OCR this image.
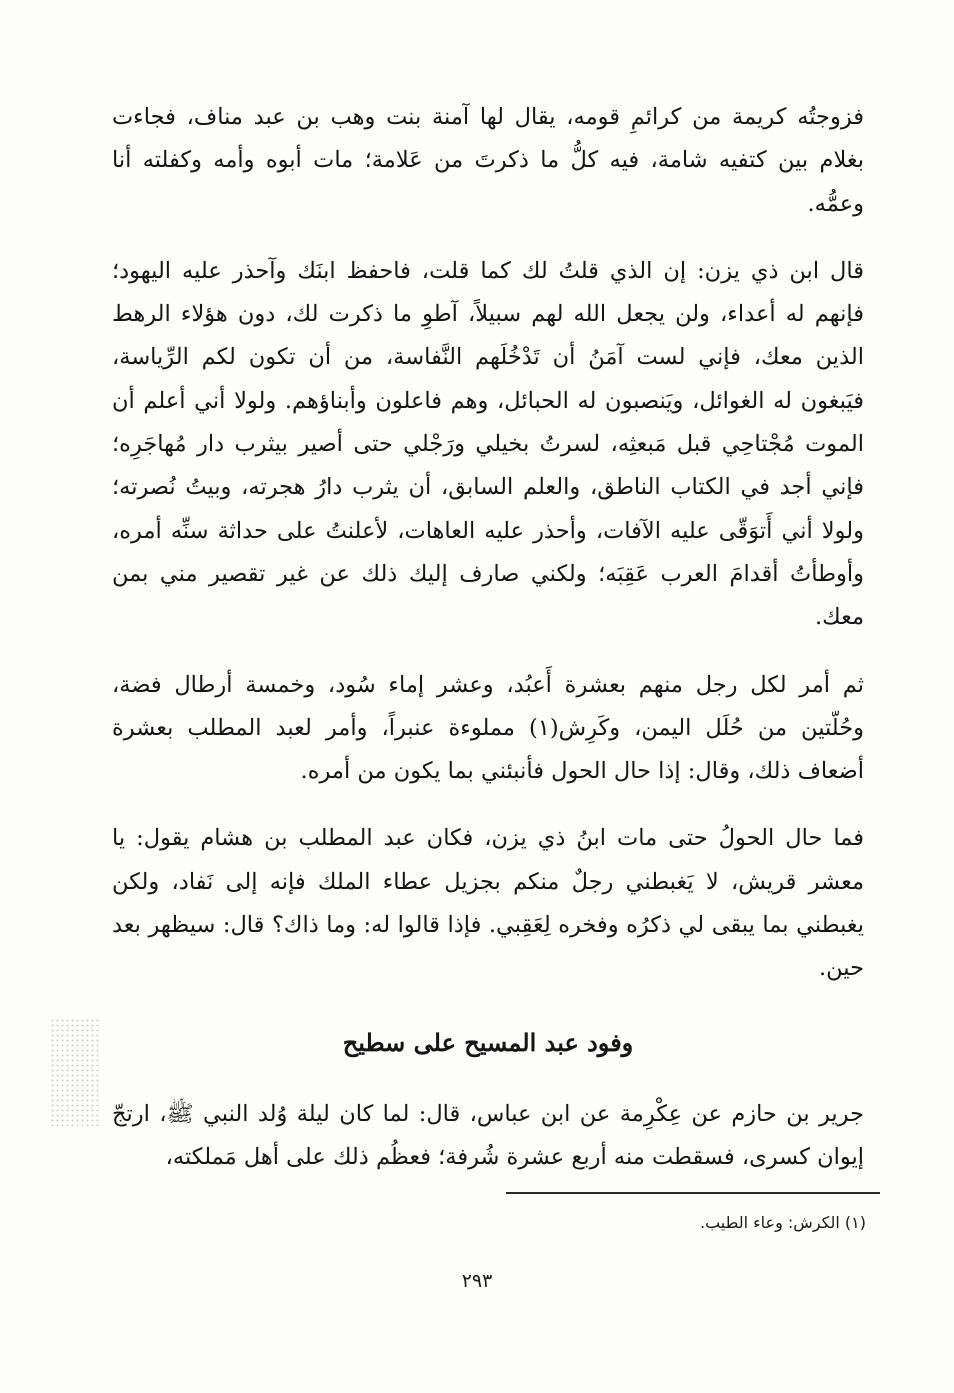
فزوجتُه كريمة من كرائمِ قومه، يقال لها آمنة بنت وهب بن عبد مناف، فجاءت بغلام بين كتفيه شامة، فيه كلُّ ما ذكرتَ من عَلامة؛ مات أبوه وأمه وكفلته أنا وعمُّه.

قال ابن ذي يزن: إن الذي قلتُ لك كما قلت، فاحفظ ابنَك وآحذر عليه اليهود؛ فإنهم له أعداء، ولن يجعل الله لهم سبيلاً، آطوِ ما ذكرت لك، دون هؤلاء الرهط الذين معك، فإني لست آمَنُ أن تَدْخُلَهم النَّفاسة، من أن تكون لكم الرِّياسة، فيَبغون له الغوائل، ويَنصبون له الحبائل، وهم فاعلون وأبناؤهم. ولولا أني أعلم أن الموت مُجْتاحِي قبل مَبعثِه، لسرتُ بخيلي ورَجْلي حتى أصير بيثرب دار مُهاجَرِه؛ فإني أجد في الكتاب الناطق، والعلم السابق، أن يثرب دارُ هجرته، وبيتُ نُصرته؛ ولولا أني أَتوَقّى عليه الآفات، وأحذر عليه العاهات، لأعلنتُ على حداثة سنِّه أمره، وأوطأتُ أقدامَ العرب عَقِبَه؛ ولكني صارف إليك ذلك عن غير تقصير مني بمن معك.

ثم أمر لكل رجل منهم بعشرة أَعبُد، وعشر إماء سُود، وخمسة أرطال فضة، وحُلّتين من حُلَل اليمن، وكَرِش(١) مملوءة عنبراً، وأمر لعبد المطلب بعشرة أضعاف ذلك، وقال: إذا حال الحول فأنبئني بما يكون من أمره.

فما حال الحولُ حتى مات ابنُ ذي يزن، فكان عبد المطلب بن هشام يقول: يا معشر قريش، لا يَغبطني رجلٌ منكم بجزيل عطاء الملك فإنه إلى نَفاد، ولكن يغبطني بما يبقى لي ذكرُه وفخره لِعَقِبي. فإذا قالوا له: وما ذاك؟ قال: سيظهر بعد حين.

وفود عبد المسيح على سطيح

جرير بن حازم عن عِكْرِمة عن ابن عباس، قال: لما كان ليلة وُلد النبي ﷺ، ارتجّ إيوان كسرى، فسقطت منه أربع عشرة شُرفة؛ فعظُم ذلك على أهل مَملكته،

(١) الكرش: وعاء الطيب.
٢٩٣
